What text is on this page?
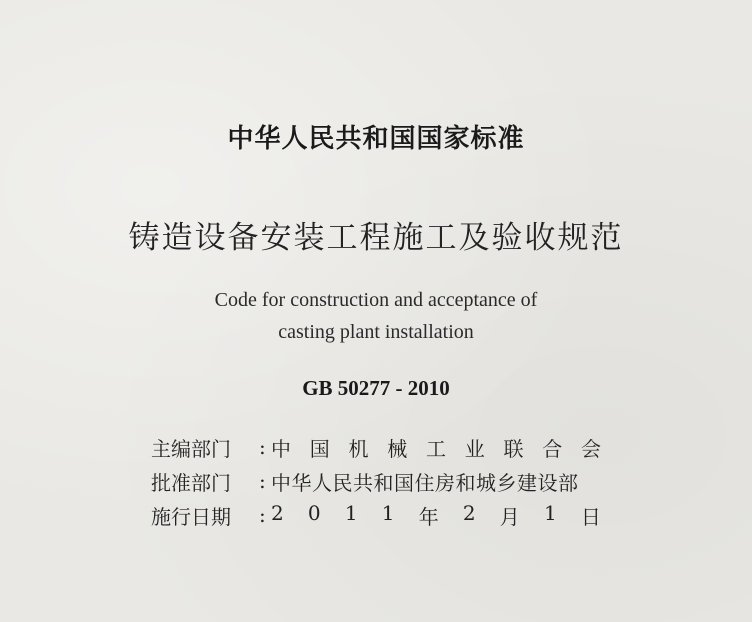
中华人民共和国国家标准
铸造设备安装工程施工及验收规范
Code for construction and acceptance of
casting plant installation
GB 50277 - 2010
主编部门	: 中 国 机 械 工 业 联 合 会
批准部门	: 中华人民共和国住房和城乡建设部
施行日期	: 2 0 1 1 年 2 月 1 日
